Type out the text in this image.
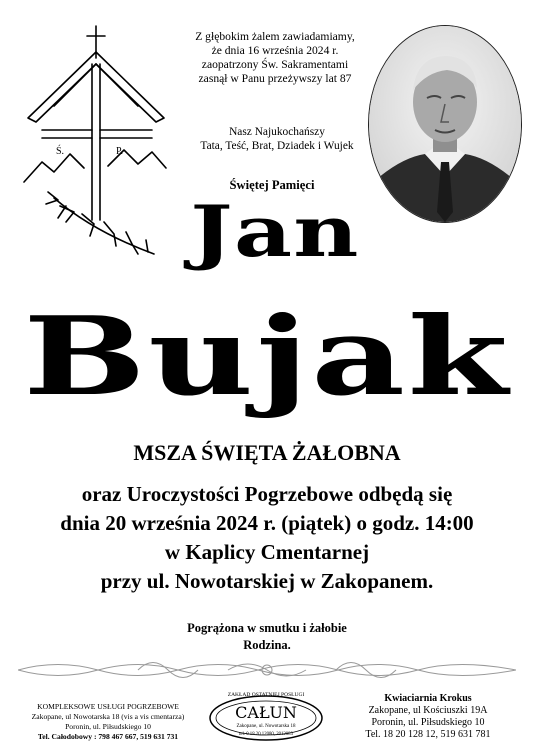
Ś.	P.
Z głębokim żalem zawiadamiamy,
że dnia 16 września 2024 r.
zaopatrzony Św. Sakramentami
zasnął w Panu przeżywszy lat 87
Nasz Najukochańszy
Tata, Teść, Brat, Dziadek i Wujek
Świętej Pamięci
Jan
Bujak
MSZA ŚWIĘTA ŻAŁOBNA
oraz Uroczystości Pogrzebowe odbędą się
dnia 20 września 2024 r. (piątek) o godz. 14:00
w Kaplicy Cmentarnej
przy ul. Nowotarskiej w Zakopanem.
Pogrążona w smutku i żałobie
Rodzina.
KOMPLEKSOWE USŁUGI POGRZEBOWE
Zakopane, ul Nowotarska 18 (vis a vis cmentarza)
Poronin, ul. Piłsudskiego 10
Tel. Całodobowy : 798 467 667, 519 631 731
ZAKŁAD OSTATNIEJ POSŁUGI
CAŁUN
Zakopane, ul. Nowotarska 18
tel. 0 18 20 12080, 2012083
Kwiaciarnia Krokus
Zakopane, ul Kościuszki 19A
Poronin, ul. Piłsudskiego 10
Tel. 18 20 128 12, 519 631 781
